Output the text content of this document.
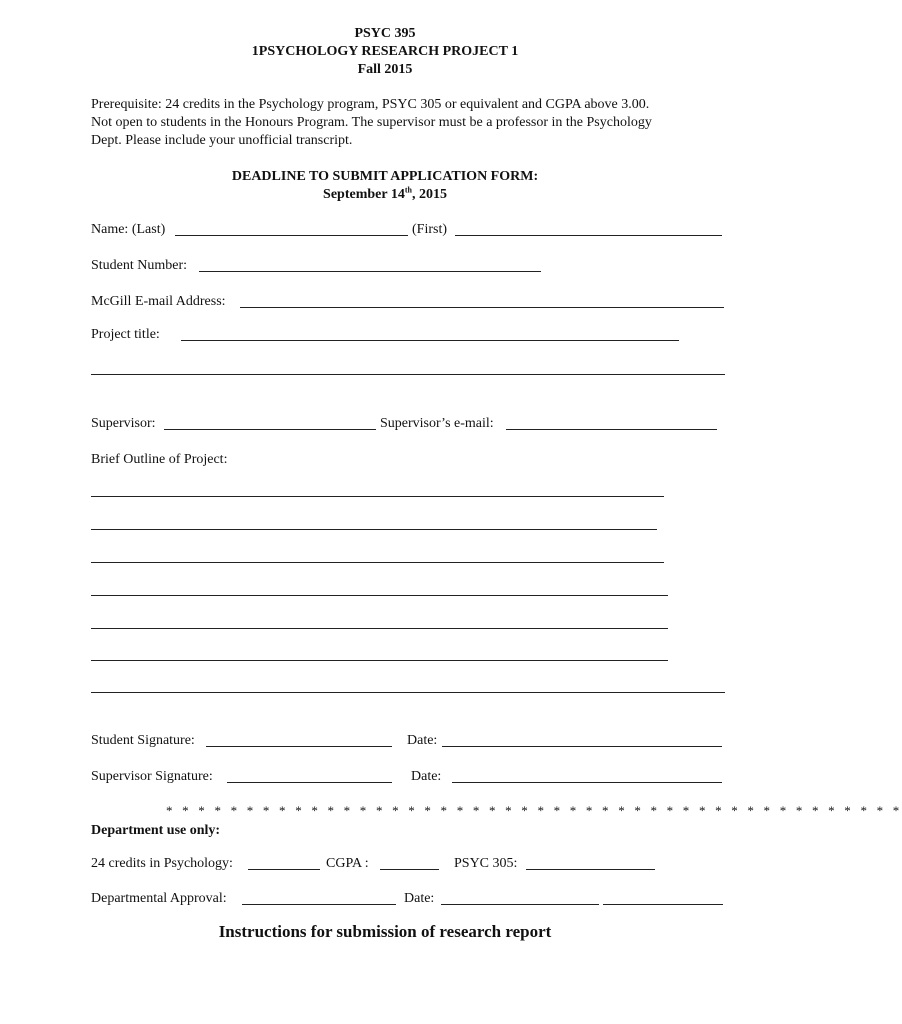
PSYC 395
1PSYCHOLOGY RESEARCH PROJECT 1
Fall 2015
Prerequisite: 24 credits in the Psychology program, PSYC 305 or equivalent and CGPA above 3.00.
Not open to students in the Honours Program. The supervisor must be a professor in the Psychology
Dept. Please include your unofficial transcript.
DEADLINE TO SUBMIT APPLICATION FORM:
September 14th, 2015
Name: (Last)	(First)
Student Number:
McGill E-mail Address:
Project title:
Supervisor:	Supervisor’s e-mail:
Brief Outline of Project:
Student Signature:	Date:
Supervisor Signature:	Date:
* * * * * * * * * * * * * * * * * * * * * * * * * * * * * * * * * * * * * * * * * * * * * *
Department use only:
24 credits in Psychology:	CGPA :	PSYC 305:
Departmental Approval:	Date:
Instructions for submission of research report
